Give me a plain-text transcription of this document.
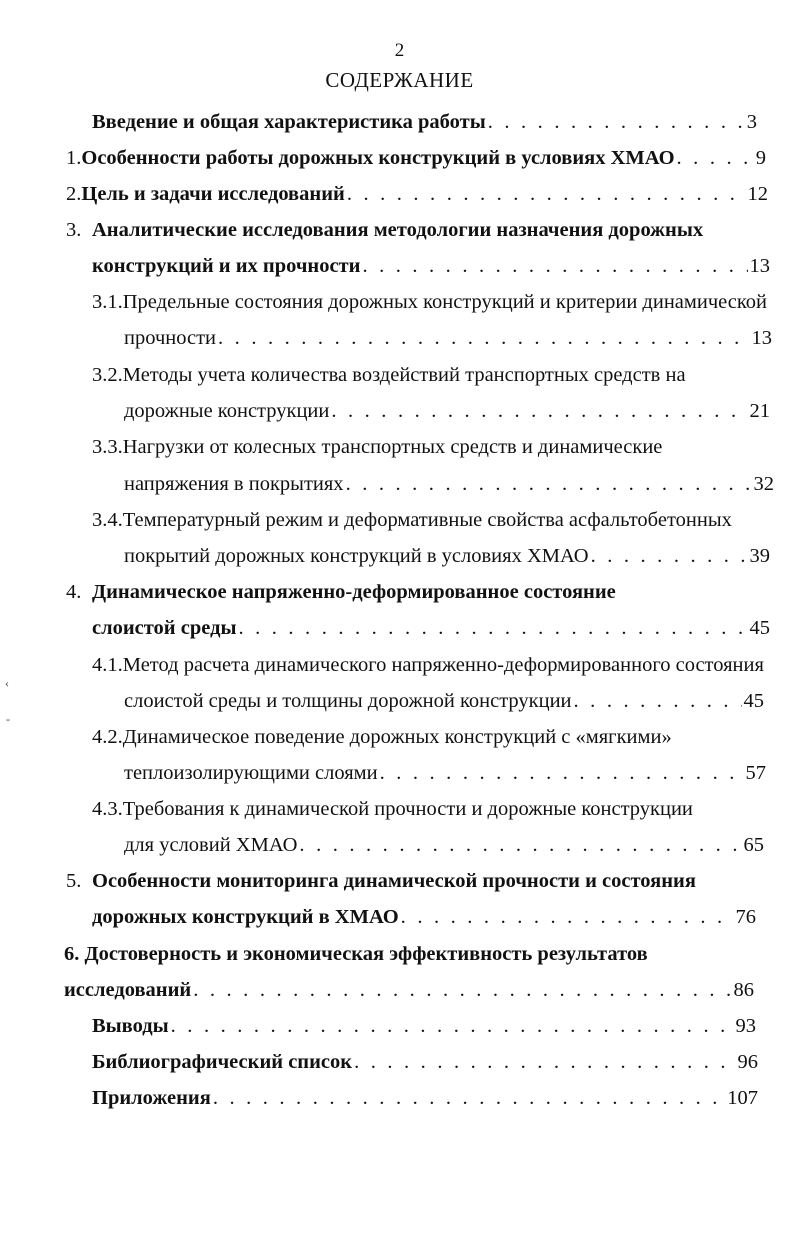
2
СОДЕРЖАНИЕ
Введение и общая характеристика работы . . .	3
1. Особенности работы дорожных конструкций в условиях ХМАО . . .	9
2. Цель и задачи исследований . . .	12
3. Аналитические исследования методологии назначения дорожных
конструкций и их прочности . . .	13
3.1.Предельные состояния дорожных конструкций и критерии динамической
прочности . . .	13
3.2.Методы учета количества воздействий транспортных средств на
дорожные конструкции . . .	21
3.3.Нагрузки от колесных транспортных средств и динамические
напряжения в покрытиях . . .	32
3.4.Температурный режим и деформативные свойства асфальтобетонных
покрытий дорожных конструкций в условиях ХМАО . . .	39
4. Динамическое напряженно-деформированное состояние
слоистой среды . . .	45
4.1.Метод расчета динамического напряженно-деформированного состояния
слоистой среды и толщины дорожной конструкции . . .	45
4.2.Динамическое поведение дорожных конструкций с «мягкими»
теплоизолирующими слоями . . .	57
4.3.Требования к динамической прочности и дорожные конструкции
для условий ХМАО . . .	65
5. Особенности мониторинга динамической прочности и состояния
дорожных конструкций в ХМАО . . .	76
6. Достоверность и экономическая эффективность результатов
исследований . . .	86
Выводы . . .	93
Библиографический список . . .	96
Приложения . . .	107
‹
-
